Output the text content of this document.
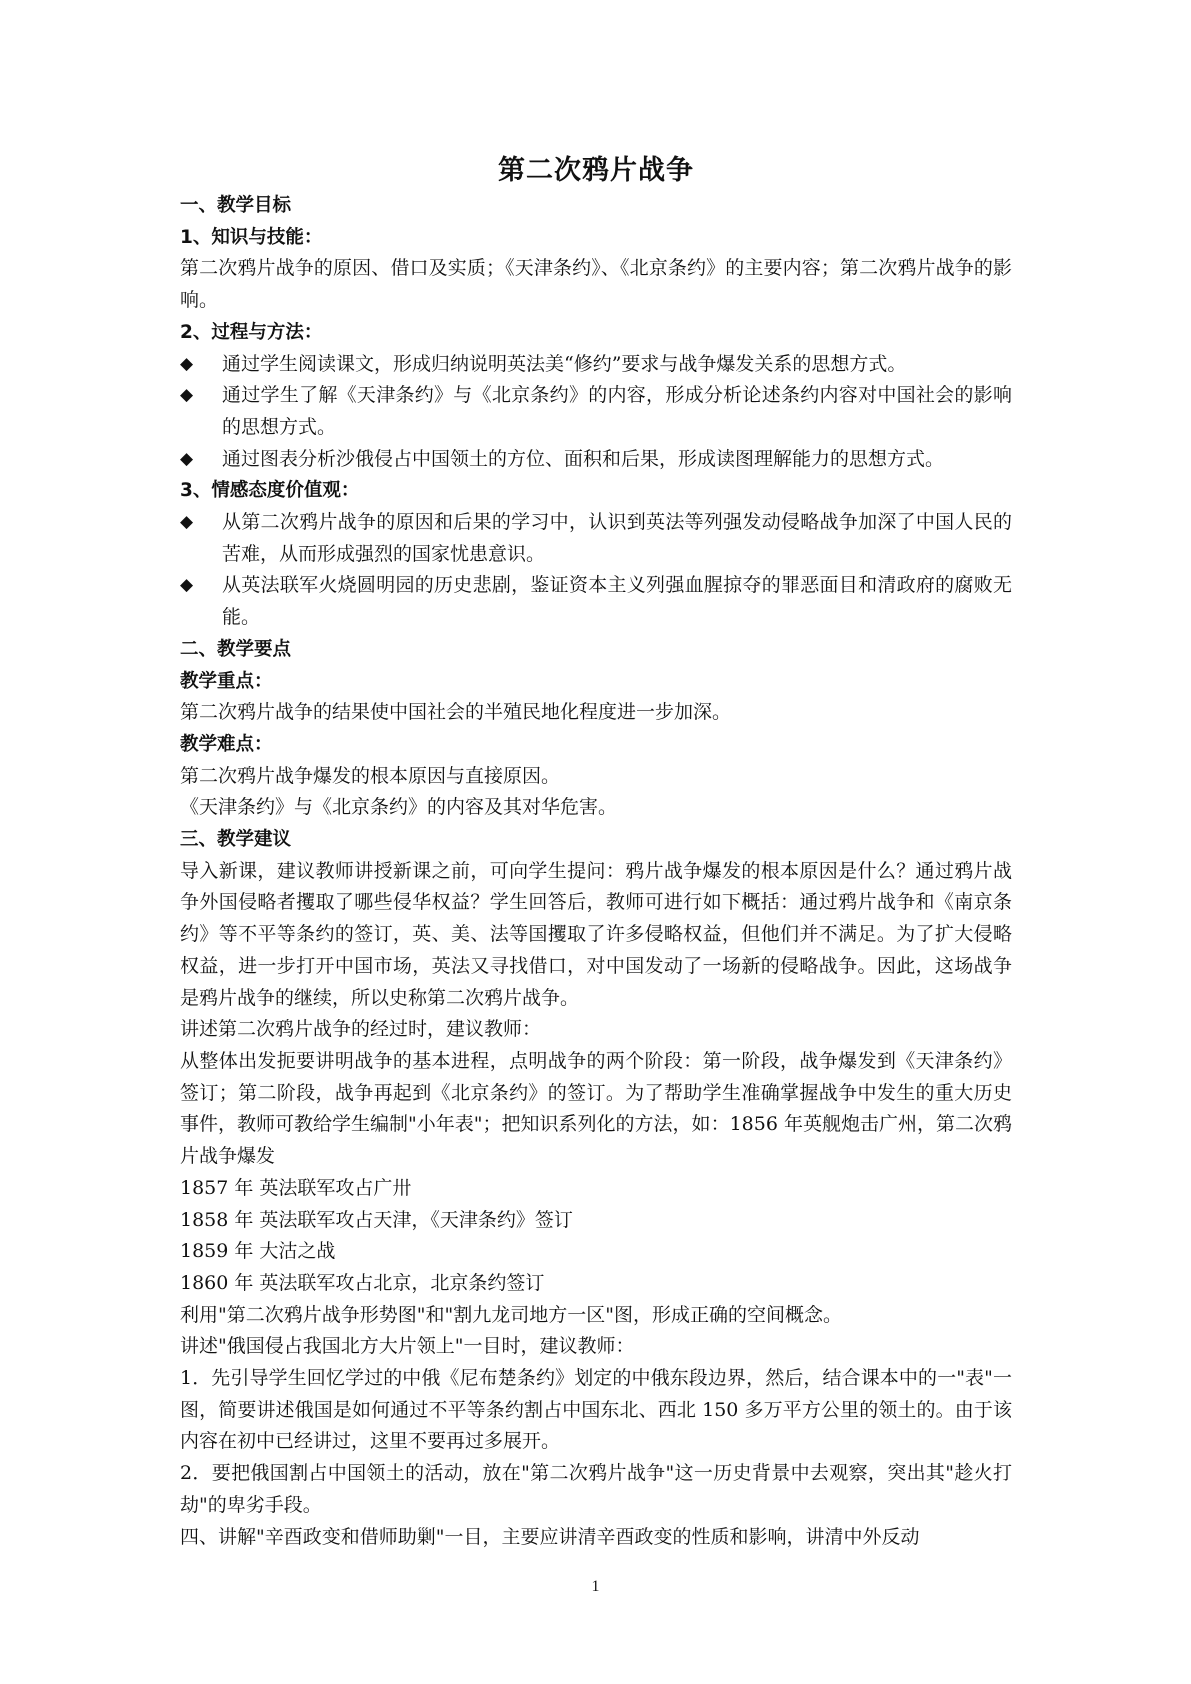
第二次鸦片战争
一、教学目标
1、知识与技能：
第二次鸦片战争的原因、借口及实质；《天津条约》、《北京条约》的主要内容；第二次鸦片战争的影响。
2、过程与方法：
◆	通过学生阅读课文，形成归纳说明英法美“修约”要求与战争爆发关系的思想方式。
◆	通过学生了解《天津条约》与《北京条约》的内容，形成分析论述条约内容对中国社会的影响的思想方式。
◆	通过图表分析沙俄侵占中国领土的方位、面积和后果，形成读图理解能力的思想方式。
3、情感态度价值观：
◆	从第二次鸦片战争的原因和后果的学习中，认识到英法等列强发动侵略战争加深了中国人民的苦难，从而形成强烈的国家忧患意识。
◆	从英法联军火烧圆明园的历史悲剧，鉴证资本主义列强血腥掠夺的罪恶面目和清政府的腐败无能。
二、教学要点
教学重点：
第二次鸦片战争的结果使中国社会的半殖民地化程度进一步加深。
教学难点：
第二次鸦片战争爆发的根本原因与直接原因。
《天津条约》与《北京条约》的内容及其对华危害。
三、教学建议
导入新课，建议教师讲授新课之前，可向学生提问：鸦片战争爆发的根本原因是什么？通过鸦片战争外国侵略者攫取了哪些侵华权益？学生回答后，教师可进行如下概括：通过鸦片战争和《南京条约》等不平等条约的签订，英、美、法等国攫取了许多侵略权益，但他们并不满足。为了扩大侵略权益，进一步打开中国市场，英法又寻找借口，对中国发动了一场新的侵略战争。因此，这场战争是鸦片战争的继续，所以史称第二次鸦片战争。
讲述第二次鸦片战争的经过时，建议教师：
从整体出发扼要讲明战争的基本进程，点明战争的两个阶段：第一阶段，战争爆发到《天津条约》签订；第二阶段，战争再起到《北京条约》的签订。为了帮助学生准确掌握战争中发生的重大历史事件，教师可教给学生编制"小年表"；把知识系列化的方法，如：1856 年英舰炮击广州，第二次鸦片战争爆发
1857 年 英法联军攻占广卅
1858 年 英法联军攻占天津，《天津条约》签订
1859 年 大沽之战
1860 年 英法联军攻占北京，北京条约签订
利用"第二次鸦片战争形势图"和"割九龙司地方一区"图，形成正确的空间概念。
讲述"俄国侵占我国北方大片领上"一目时，建议教师：
1．先引导学生回忆学过的中俄《尼布楚条约》划定的中俄东段边界，然后，结合课本中的一"表"一图，简要讲述俄国是如何通过不平等条约割占中国东北、西北 150 多万平方公里的领土的。由于该内容在初中已经讲过，这里不要再过多展开。
2．要把俄国割占中国领土的活动，放在"第二次鸦片战争"这一历史背景中去观察，突出其"趁火打劫"的卑劣手段。
四、讲解"辛酉政变和借师助剿"一目，主要应讲清辛酉政变的性质和影响，讲清中外反动
1
